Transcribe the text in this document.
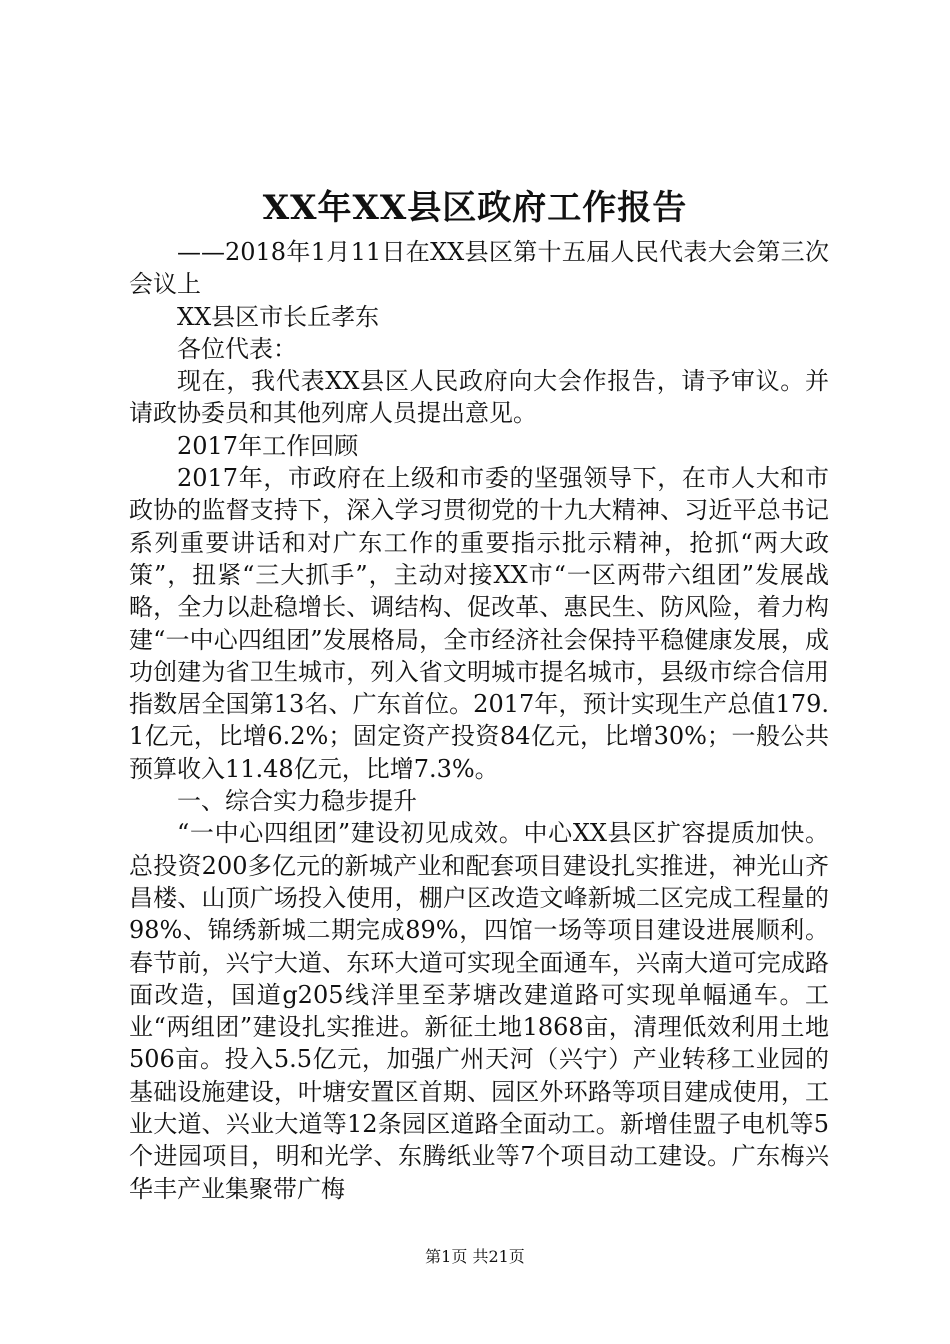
XX年XX县区政府工作报告

——2018年1月11日在XX县区第十五届人民代表大会第三次会议上

XX县区市长丘孝东

各位代表：

现在，我代表XX县区人民政府向大会作报告，请予审议。并请政协委员和其他列席人员提出意见。

2017年工作回顾

2017年，市政府在上级和市委的坚强领导下，在市人大和市政协的监督支持下，深入学习贯彻党的十九大精神、习近平总书记系列重要讲话和对广东工作的重要指示批示精神，抢抓“两大政策”，扭紧“三大抓手”，主动对接XX市“一区两带六组团”发展战略，全力以赴稳增长、调结构、促改革、惠民生、防风险，着力构建“一中心四组团”发展格局，全市经济社会保持平稳健康发展，成功创建为省卫生城市，列入省文明城市提名城市，县级市综合信用指数居全国第13名、广东首位。2017年，预计实现生产总值179.1亿元，比增6.2%；固定资产投资84亿元，比增30%；一般公共预算收入11.48亿元，比增7.3%。

一、综合实力稳步提升

“一中心四组团”建设初见成效。中心XX县区扩容提质加快。总投资200多亿元的新城产业和配套项目建设扎实推进，神光山齐昌楼、山顶广场投入使用，棚户区改造文峰新城二区完成工程量的98%、锦绣新城二期完成89%，四馆一场等项目建设进展顺利。春节前，兴宁大道、东环大道可实现全面通车，兴南大道可完成路面改造，国道g205线洋里至茅塘改建道路可实现单幅通车。工业“两组团”建设扎实推进。新征土地1868亩，清理低效利用土地506亩。投入5.5亿元，加强广州天河（兴宁）产业转移工业园的基础设施建设，叶塘安置区首期、园区外环路等项目建成使用，工业大道、兴业大道等12条园区道路全面动工。新增佳盟子电机等5个进园项目，明和光学、东腾纸业等7个项目动工建设。广东梅兴华丰产业集聚带广梅

第1页 共21页
